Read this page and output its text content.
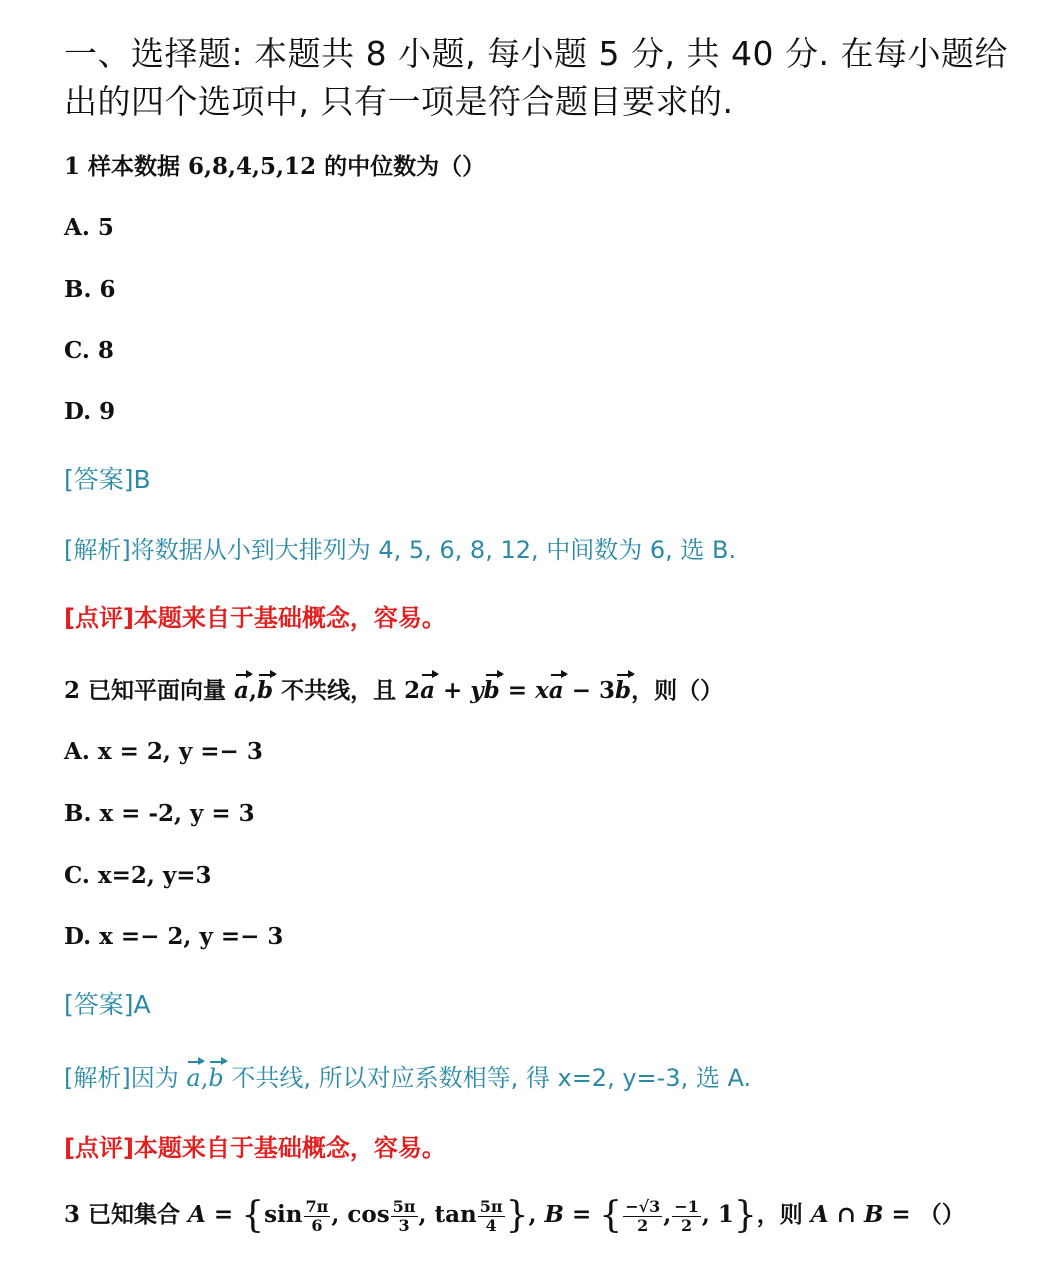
一、选择题: 本题共 8 小题, 每小题 5 分, 共 40 分. 在每小题给出的四个选项中, 只有一项是符合题目要求的.
1 样本数据 6,8,4,5,12 的中位数为（）
A. 5
B. 6
C. 8
D. 9
[答案]B
[解析]将数据从小到大排列为 4, 5, 6, 8, 12, 中间数为 6, 选 B.
[点评]本题来自于基础概念，容易。
2 已知平面向量 a,b 不共线，且 2a + yb = xa − 3b，则（）
A. x = 2, y =− 3
B. x = -2, y = 3
C. x=2, y=3
D. x =− 2, y =− 3
[答案]A
[解析]因为 a,b 不共线, 所以对应系数相等, 得 x=2, y=-3, 选 A.
[点评]本题来自于基础概念，容易。
3 已知集合 $A = \{\sin \frac{7\pi}{6}$ , $\cos \frac{5\pi}{3}$ , $\tan \frac{5\pi}{4}$ }, B = { $\frac{-√3}{2}$ , $\frac{-1}{2}$ , 1}，则 A ∩ B = （）
